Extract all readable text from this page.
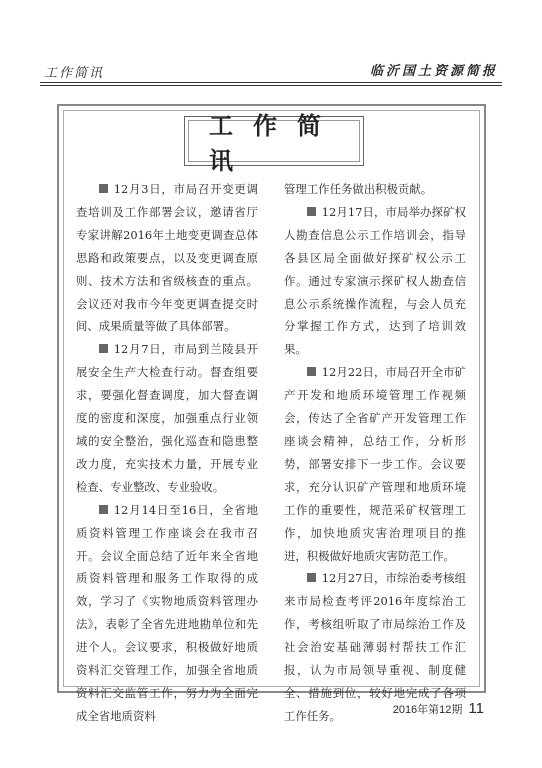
工作简讯	临沂国土资源简报
工作简讯

12月3日，市局召开变更调查培训及工作部署会议，邀请省厅专家讲解2016年土地变更调查总体思路和政策要点，以及变更调查原则、技术方法和省级核查的重点。会议还对我市今年变更调查提交时间、成果质量等做了具体部署。

12月7日，市局到兰陵县开展安全生产大检查行动。督查组要求，要强化督查调度，加大督查调度的密度和深度，加强重点行业领域的安全整治，强化巡查和隐患整改力度，充实技术力量，开展专业检查、专业整改、专业验收。

12月14日至16日，全省地质资料管理工作座谈会在我市召开。会议全面总结了近年来全省地质资料管理和服务工作取得的成效，学习了《实物地质资料管理办法》，表彰了全省先进地勘单位和先进个人。会议要求，积极做好地质资料汇交管理工作，加强全省地质资料汇交监管工作，努力为全面完成全省地质资料

管理工作任务做出积极贡献。

12月17日，市局举办探矿权人勘查信息公示工作培训会，指导各县区局全面做好探矿权公示工作。通过专家演示探矿权人勘查信息公示系统操作流程，与会人员充分掌握工作方式，达到了培训效果。

12月22日，市局召开全市矿产开发和地质环境管理工作视频会，传达了全省矿产开发管理工作座谈会精神，总结工作，分析形势，部署安排下一步工作。会议要求，充分认识矿产管理和地质环境工作的重要性，规范采矿权管理工作，加快地质灾害治理项目的推进，积极做好地质灾害防范工作。

12月27日，市综治委考核组来市局检查考评2016年度综治工作，考核组听取了市局综治工作及社会治安基础薄弱村帮扶工作汇报，认为市局领导重视、制度健全、措施到位，较好地完成了各项工作任务。	2016年第12期 11
